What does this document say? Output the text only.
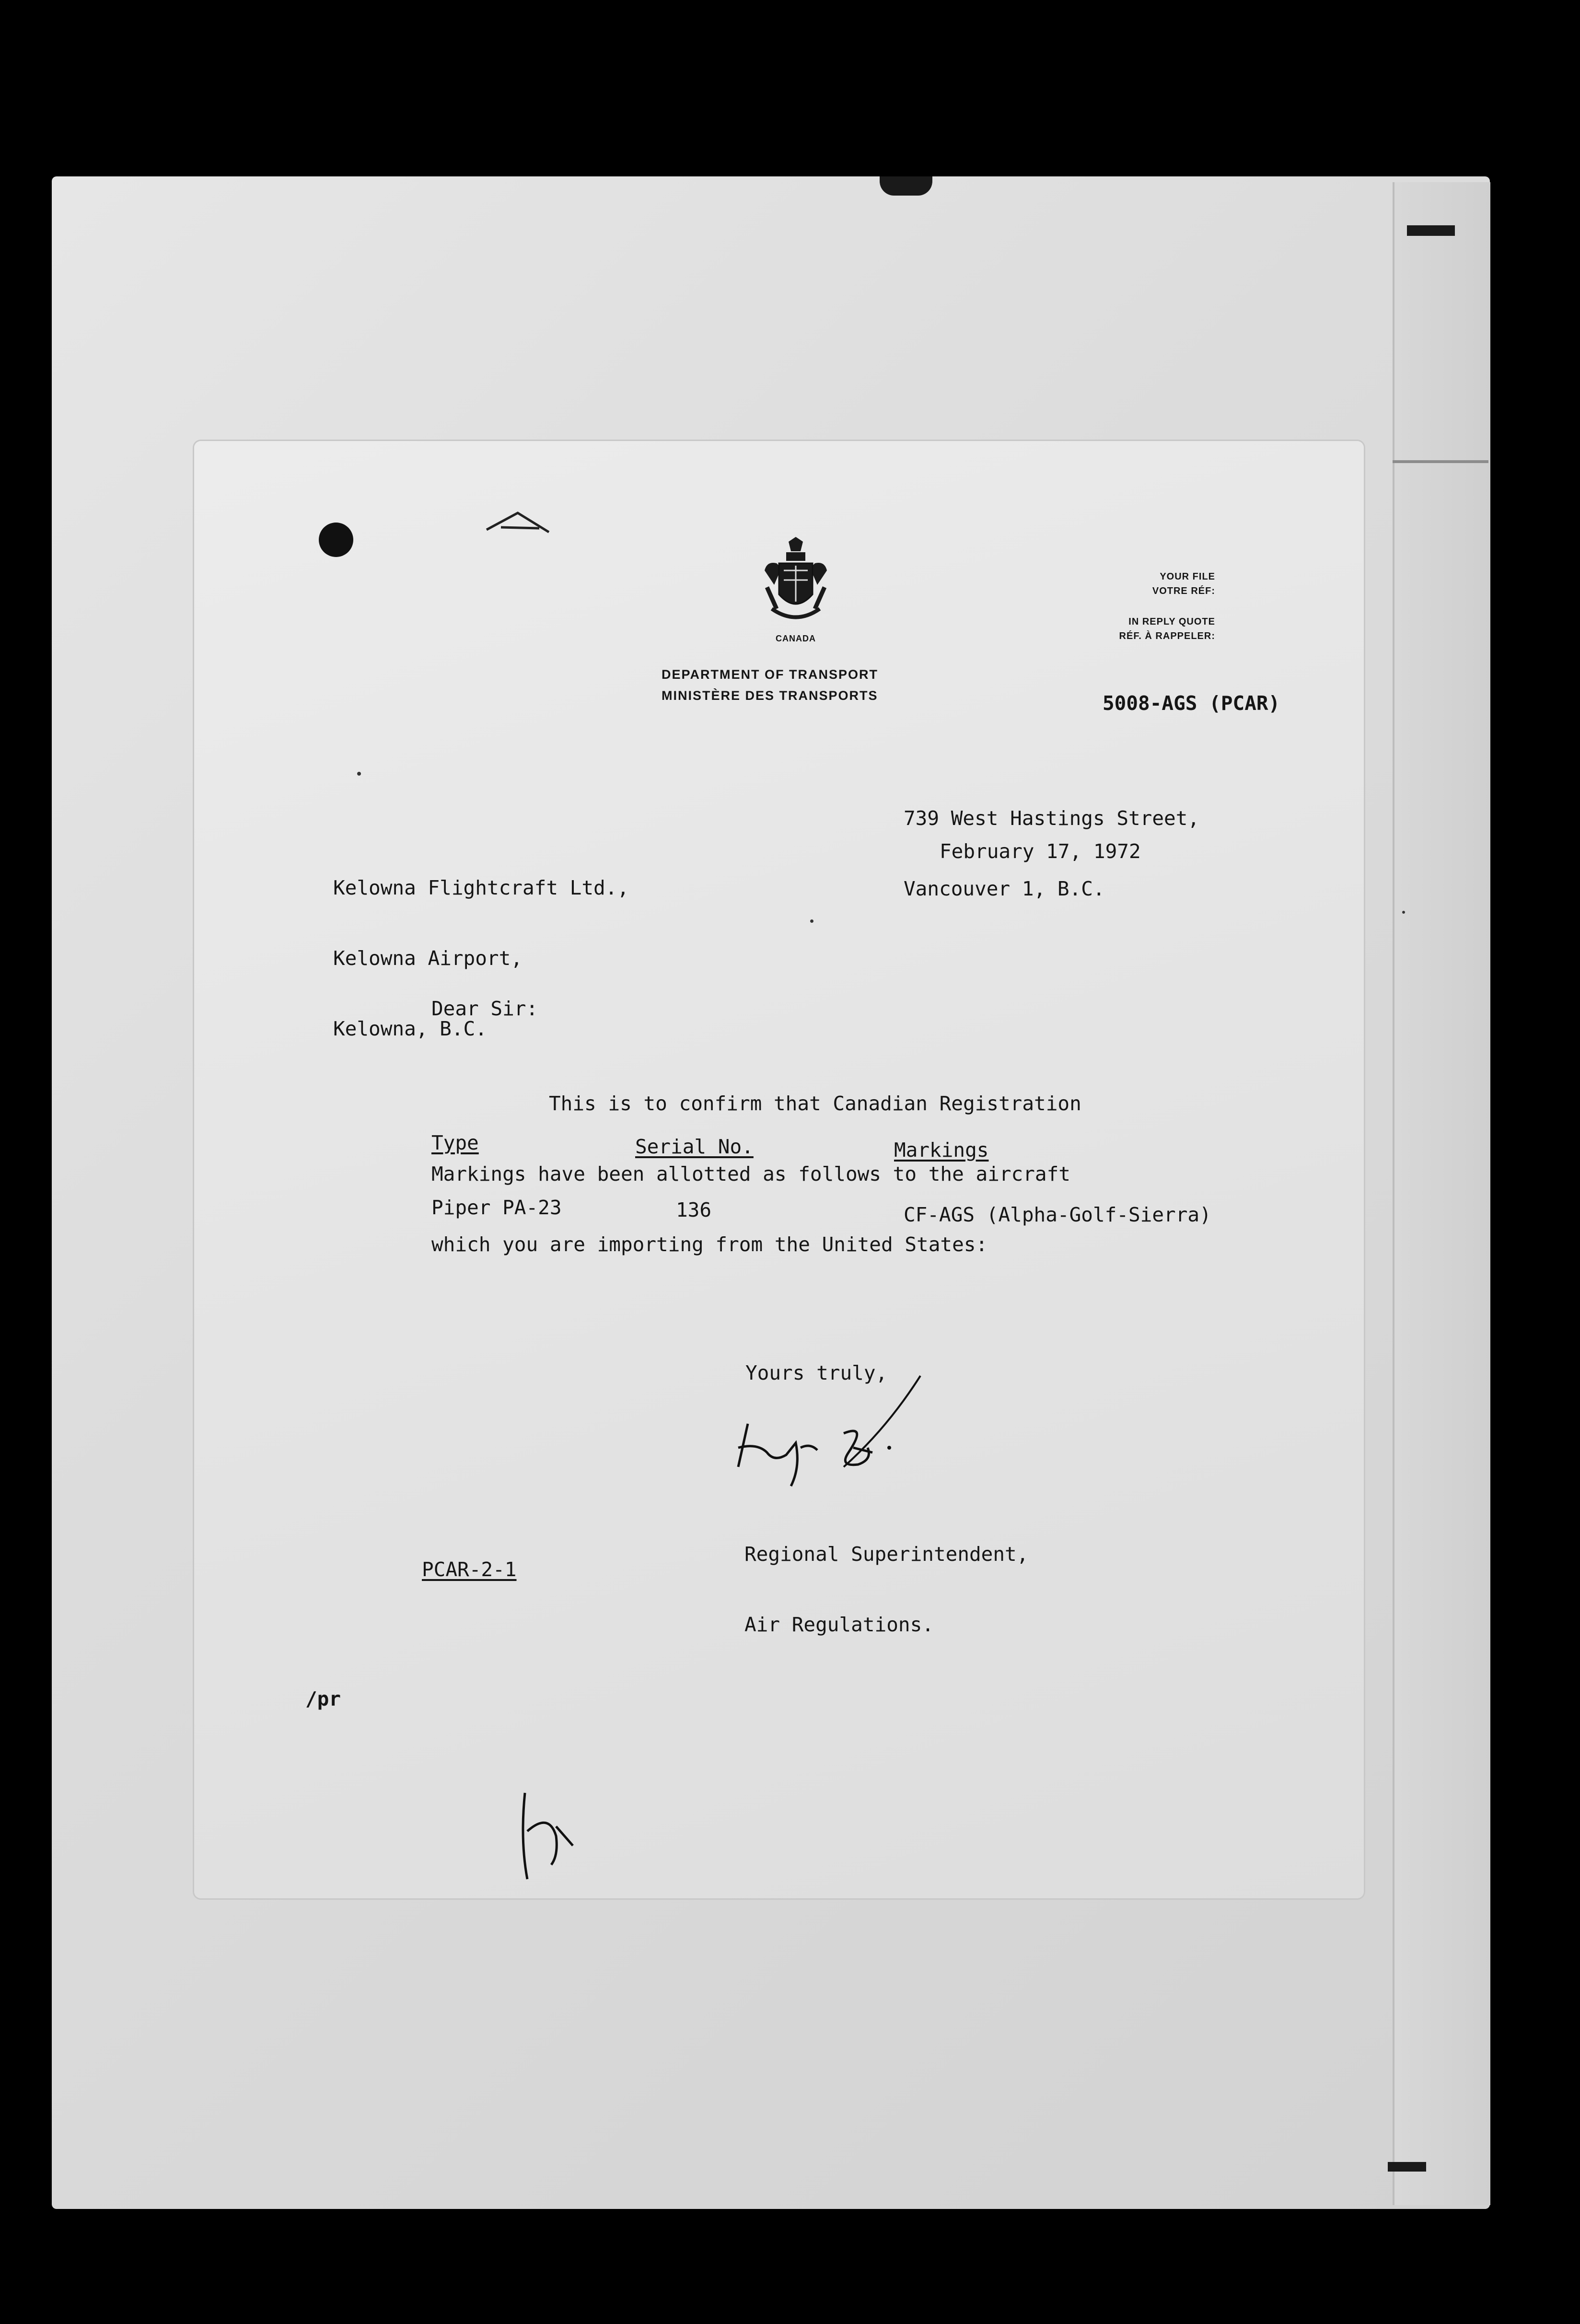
CANADA
DEPARTMENT OF TRANSPORT
MINISTÈRE DES TRANSPORTS
YOUR FILE
VOTRE RÉF:
IN REPLY QUOTE
RÉF. À RAPPELER:
5008-AGS (PCAR)

739 West Hastings Street,

Vancouver 1, B.C.

Kelowna Flightcraft Ltd.,

Kelowna Airport,

Kelowna, B.C.

February 17, 1972
Dear Sir:

This is to confirm that Canadian Registration

Markings have been allotted as follows to the aircraft

which you are importing from the United States:

Type	Serial No.	Markings
Piper PA-23	136	CF-AGS (Alpha-Golf-Sierra)
Yours truly,

Regional Superintendent,

Air Regulations.

PCAR-2-1
/pr
